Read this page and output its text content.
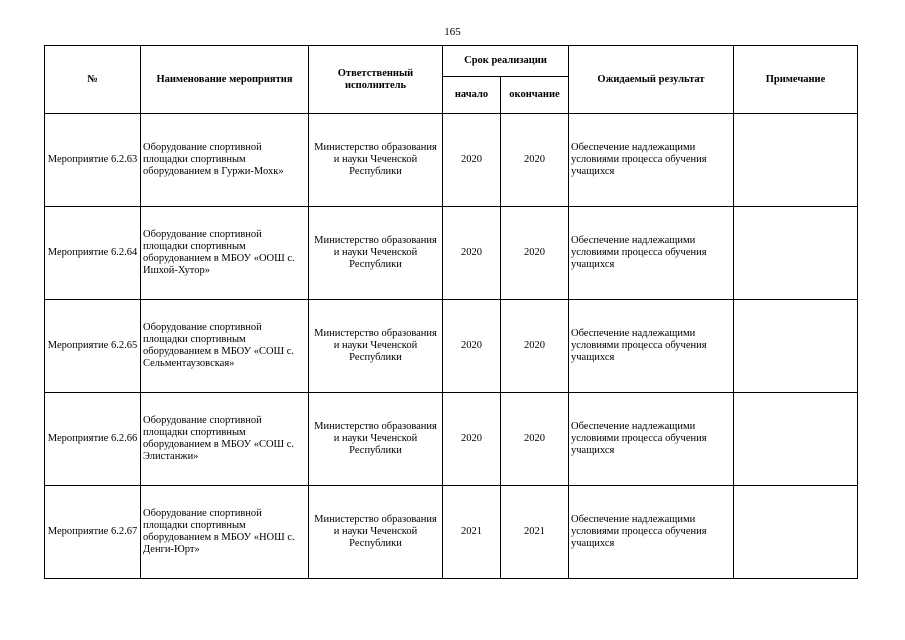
165
№	Наименование мероприятия	Ответственный исполнитель	Срок реализации		Ожидаемый результат	Примечание
			начало	окончание		
Мероприятие 6.2.63	Оборудование спортивной площадки спортивным оборудованием в Гуржи-Мохк»	Министерство образования и науки Чеченской Республики	2020	2020	Обеспечение надлежащими условиями процесса обучения учащихся	
Мероприятие 6.2.64	Оборудование спортивной площадки спортивным оборудованием в МБОУ «ООШ с. Ишхой-Хутор»	Министерство образования и науки Чеченской Республики	2020	2020	Обеспечение надлежащими условиями процесса обучения учащихся	
Мероприятие 6.2.65	Оборудование спортивной площадки спортивным оборудованием в МБОУ «СОШ с. Сельментаузовская»	Министерство образования и науки Чеченской Республики	2020	2020	Обеспечение надлежащими условиями процесса обучения учащихся	
Мероприятие 6.2.66	Оборудование спортивной площадки спортивным оборудованием в МБОУ «СОШ с. Элистанжи»	Министерство образования и науки Чеченской Республики	2020	2020	Обеспечение надлежащими условиями процесса обучения учащихся	
Мероприятие 6.2.67	Оборудование спортивной площадки спортивным оборудованием в МБОУ «НОШ с. Денги-Юрт»	Министерство образования и науки Чеченской Республики	2021	2021	Обеспечение надлежащими условиями процесса обучения учащихся	
